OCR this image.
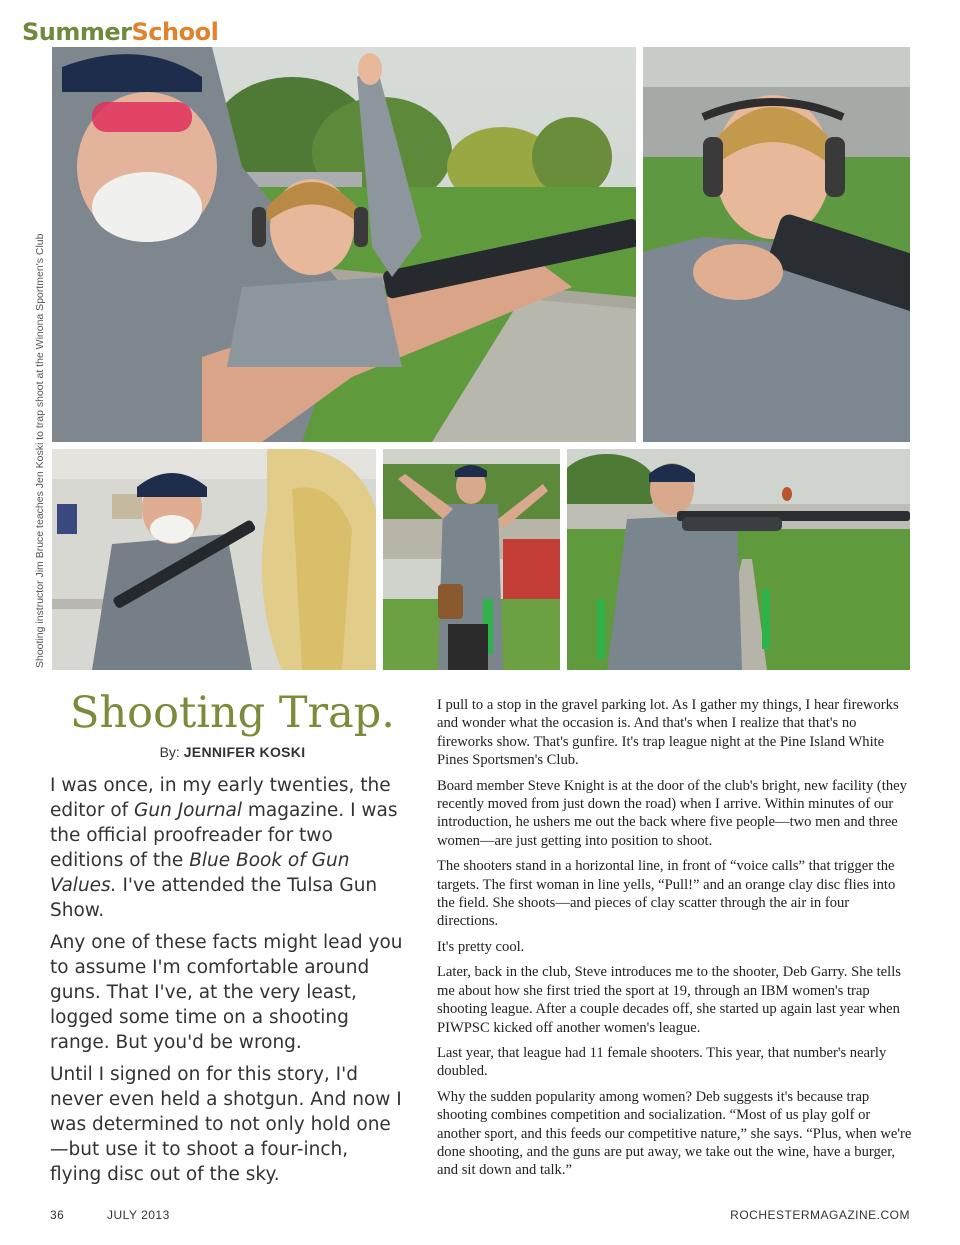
SummerSchool
Shooting instructor Jim Bruce teaches Jen Koski to trap shoot at the Winona Sportmen's Club
Shooting Trap.
By: JENNIFER KOSKI

I was once, in my early twenties, the editor of Gun Journal magazine. I was the official proofreader for two editions of the Blue Book of Gun Values. I've attended the Tulsa Gun Show.

Any one of these facts might lead you to assume I'm comfortable around guns. That I've, at the very least, logged some time on a shooting range. But you'd be wrong.

Until I signed on for this story, I'd never even held a shotgun. And now I was determined to not only hold one—but use it to shoot a four-inch, flying disc out of the sky.

I pull to a stop in the gravel parking lot. As I gather my things, I hear fireworks and wonder what the occasion is. And that's when I realize that that's no fireworks show. That's gunfire. It's trap league night at the Pine Island White Pines Sportsmen's Club.

Board member Steve Knight is at the door of the club's bright, new facility (they recently moved from just down the road) when I arrive. Within minutes of our introduction, he ushers me out the back where five people—two men and three women—are just getting into position to shoot.

The shooters stand in a horizontal line, in front of “voice calls” that trigger the targets. The first woman in line yells, “Pull!” and an orange clay disc flies into the field. She shoots—and pieces of clay scatter through the air in four directions.

It's pretty cool.

Later, back in the club, Steve introduces me to the shooter, Deb Garry. She tells me about how she first tried the sport at 19, through an IBM women's trap shooting league. After a couple decades off, she started up again last year when PIWPSC kicked off another women's league.

Last year, that league had 11 female shooters. This year, that number's nearly doubled.

Why the sudden popularity among women? Deb suggests it's because trap shooting combines competition and socialization. “Most of us play golf or another sport, and this feeds our competitive nature,” she says. “Plus, when we're done shooting, and the guns are put away, we take out the wine, have a burger, and sit down and talk.”

36	JULY 2013	ROCHESTERMAGAZINE.COM
